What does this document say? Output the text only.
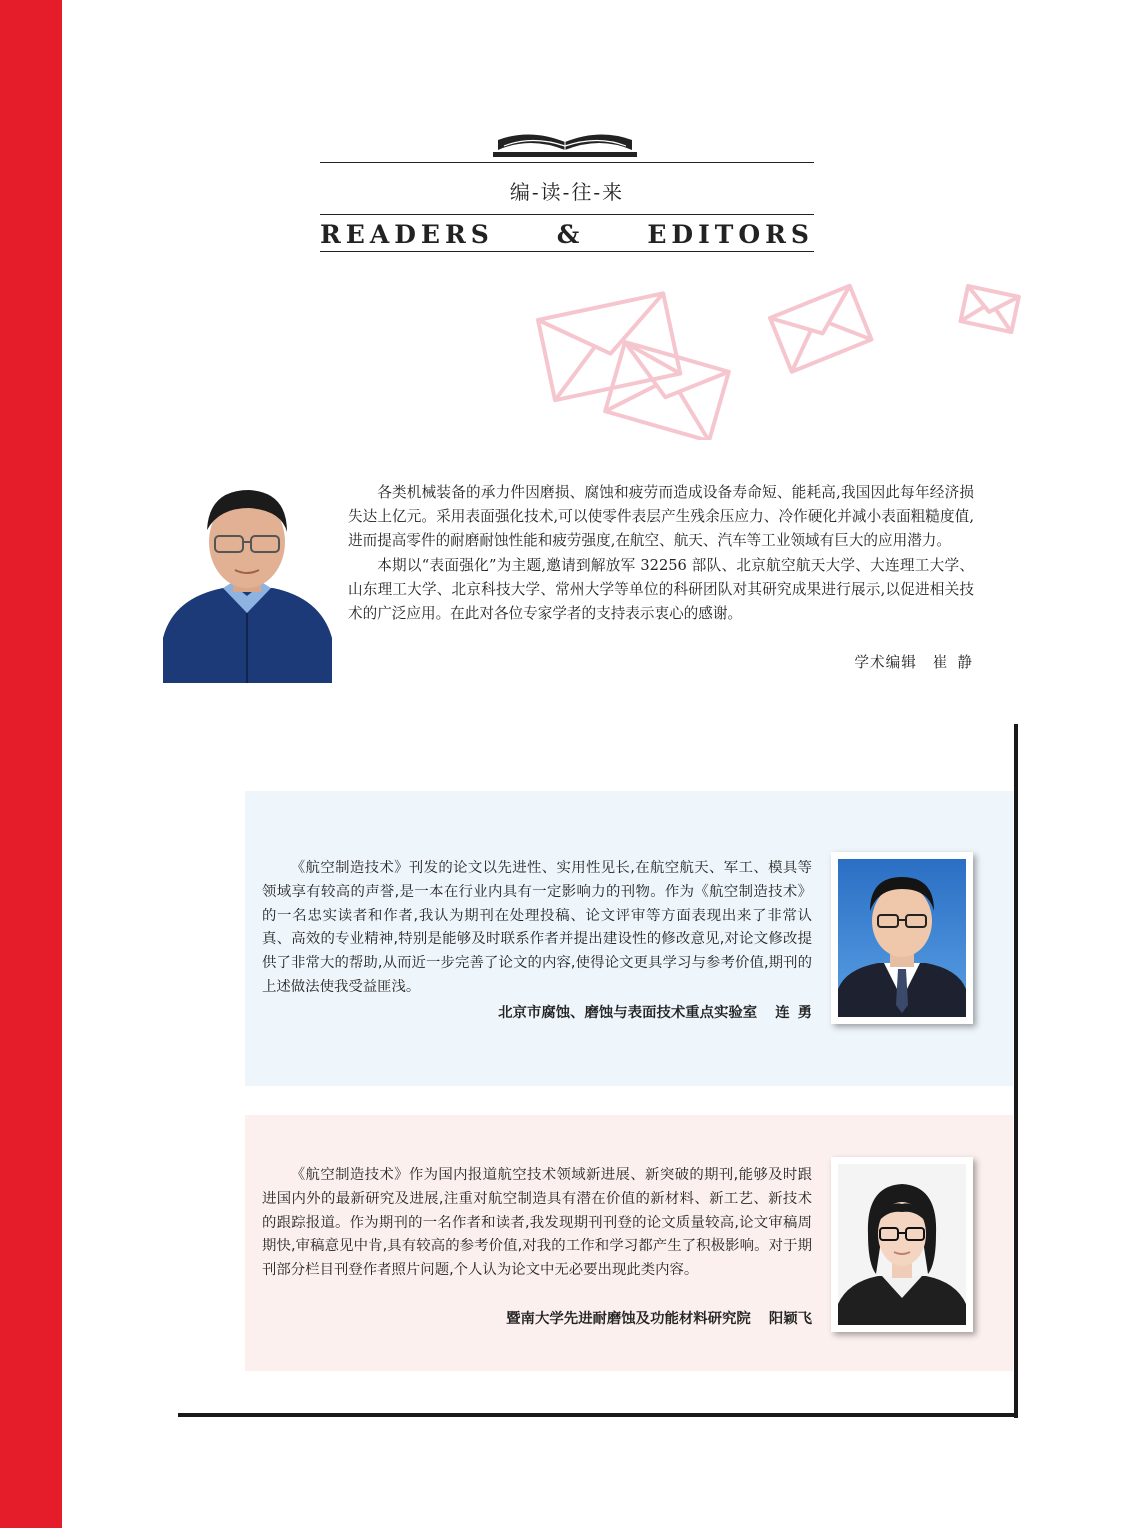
编-读-往-来
READERS	&	EDITORS

各类机械装备的承力件因磨损、腐蚀和疲劳而造成设备寿命短、能耗高,我国因此每年经济损失达上亿元。采用表面强化技术,可以使零件表层产生残余压应力、冷作硬化并减小表面粗糙度值,进而提高零件的耐磨耐蚀性能和疲劳强度,在航空、航天、汽车等工业领域有巨大的应用潜力。

本期以“表面强化”为主题,邀请到解放军 32256 部队、北京航空航天大学、大连理工大学、山东理工大学、北京科技大学、常州大学等单位的科研团队对其研究成果进行展示,以促进相关技术的广泛应用。在此对各位专家学者的支持表示衷心的感谢。

学术编辑 崔静

《航空制造技术》刊发的论文以先进性、实用性见长,在航空航天、军工、模具等领域享有较高的声誉,是一本在行业内具有一定影响力的刊物。作为《航空制造技术》的一名忠实读者和作者,我认为期刊在处理投稿、论文评审等方面表现出来了非常认真、高效的专业精神,特别是能够及时联系作者并提出建设性的修改意见,对论文修改提供了非常大的帮助,从而近一步完善了论文的内容,使得论文更具学习与参考价值,期刊的上述做法使我受益匪浅。

北京市腐蚀、磨蚀与表面技术重点实验室 连勇

《航空制造技术》作为国内报道航空技术领域新进展、新突破的期刊,能够及时跟进国内外的最新研究及进展,注重对航空制造具有潜在价值的新材料、新工艺、新技术的跟踪报道。作为期刊的一名作者和读者,我发现期刊刊登的论文质量较高,论文审稿周期快,审稿意见中肯,具有较高的参考价值,对我的工作和学习都产生了积极影响。对于期刊部分栏目刊登作者照片问题,个人认为论文中无必要出现此类内容。

暨南大学先进耐磨蚀及功能材料研究院 阳颖飞
